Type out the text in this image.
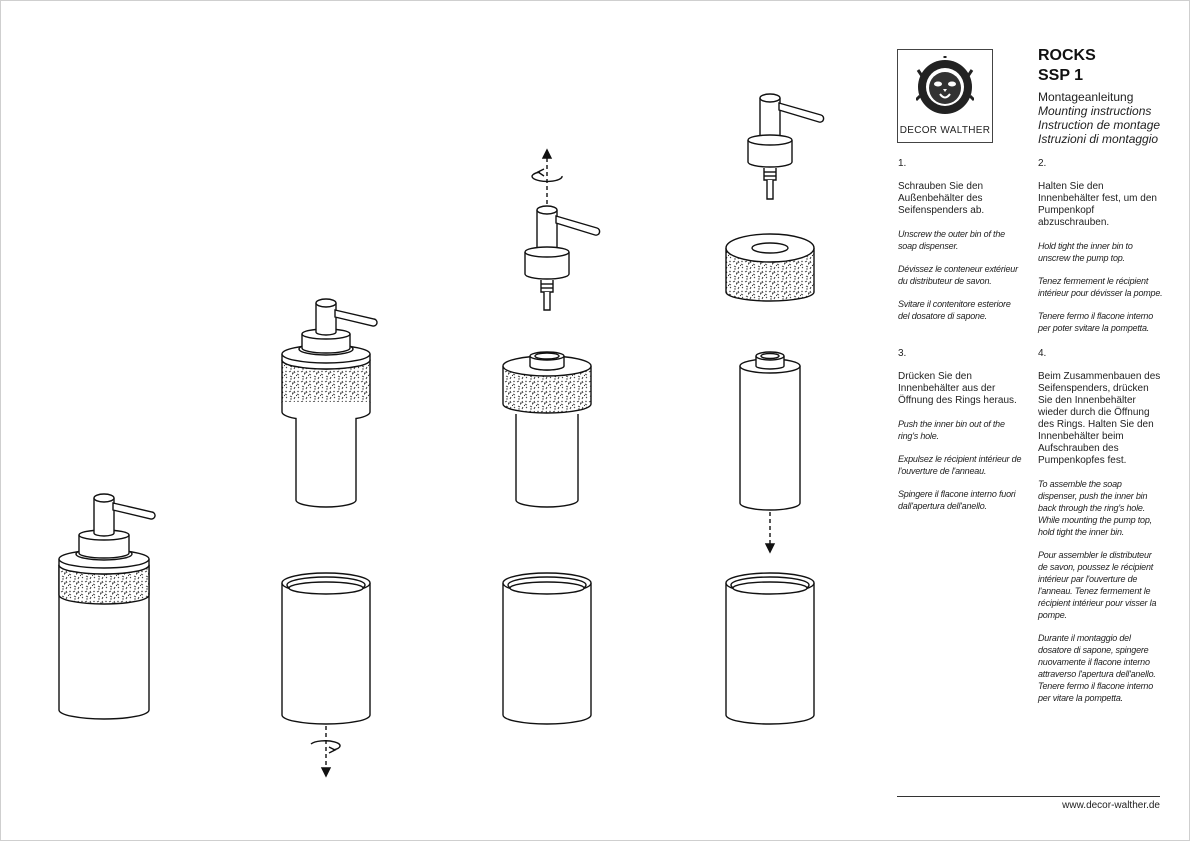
DECOR WALTHER
ROCKS
SSP 1
Montageanleitung
Mounting instructions
Instruction de montage
Istruzioni di montaggio
1.
Schrauben Sie den Außenbehälter des Seifenspenders ab.
Unscrew the outer bin of the soap dispenser.
Dévissez le conteneur extérieur du distributeur de savon.
Svitare il contenitore esteriore del dosatore di sapone.
2.
Halten Sie den Innenbehälter fest, um den Pumpenkopf abzuschrauben.
Hold tight the inner bin to unscrew the pump top.
Tenez fermement le récipient intérieur pour dévisser la pompe.
Tenere fermo il flacone interno per poter svitare la pompetta.
3.
Drücken Sie den Innenbehälter aus der Öffnung des Rings heraus.
Push the inner bin out of the ring's hole.
Expulsez le récipient intérieur de l'ouverture de l'anneau.
Spingere il flacone interno fuori dall'apertura dell'anello.
4.
Beim Zusammenbauen des Seifenspenders, drücken Sie den Innenbehälter wieder durch die Öffnung des Rings. Halten Sie den Innenbehälter beim Aufschrauben des Pumpenkopfes fest.
To assemble the soap dispenser, push the inner bin back through the ring's hole. While mounting the pump top, hold tight the inner bin.
Pour assembler le distributeur de savon, poussez le récipient intérieur par l'ouverture de l'anneau. Tenez fermement le récipient intérieur pour visser la pompe.
Durante il montaggio del dosatore di sapone, spingere nuovamente il flacone interno attraverso l'apertura dell'anello. Tenere fermo il flacone interno per vitare la pompetta.
www.decor-walther.de
